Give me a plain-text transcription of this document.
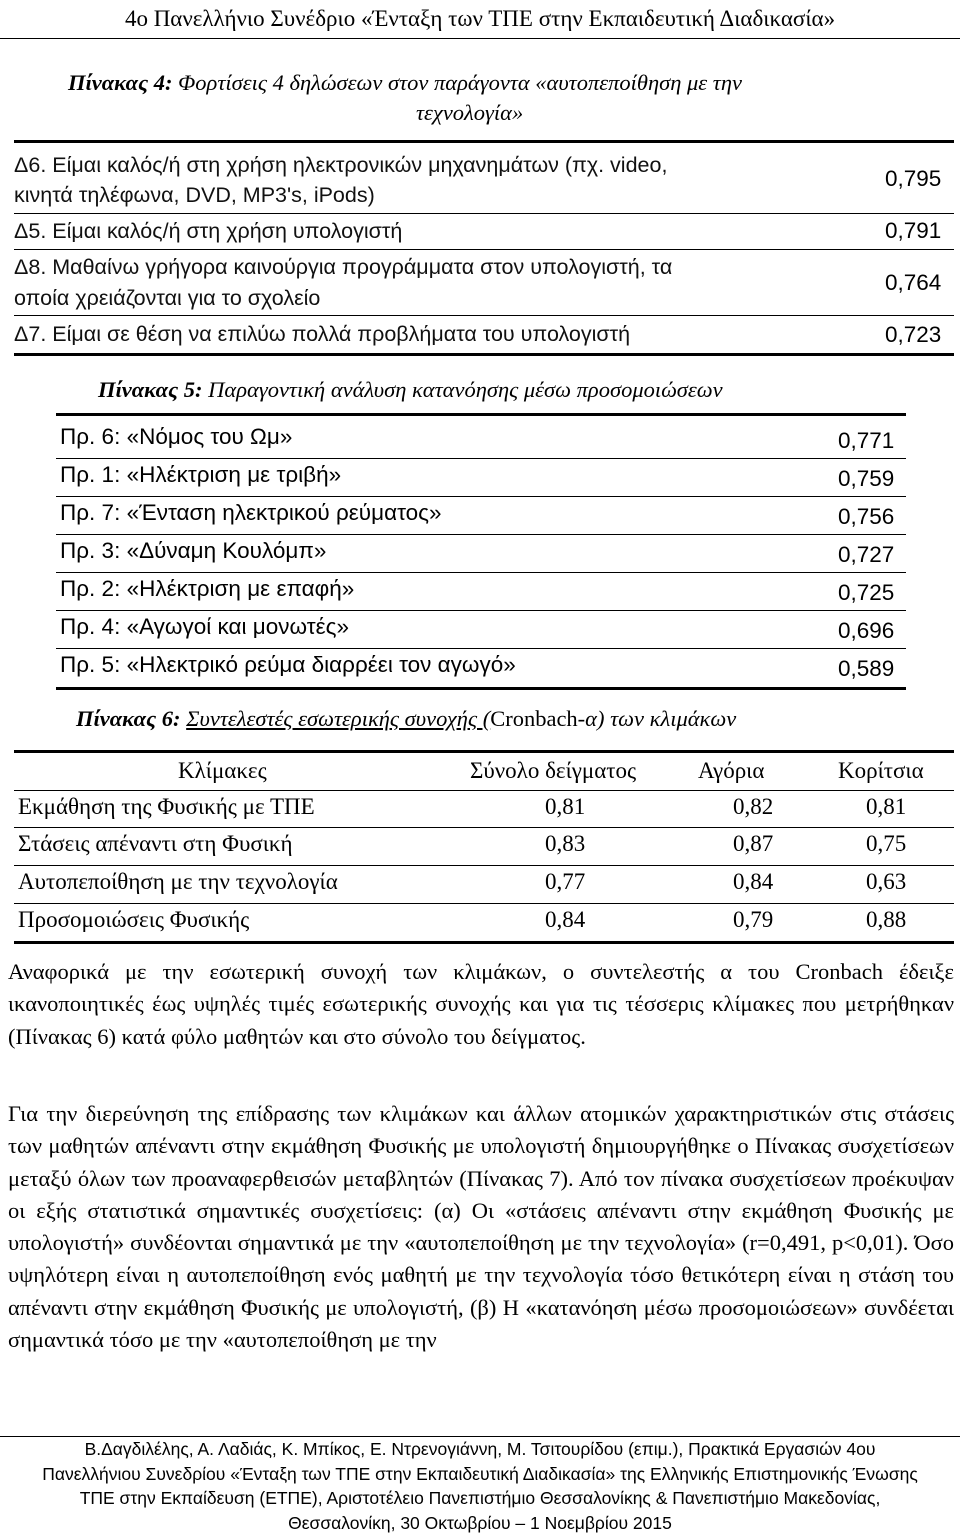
4ο Πανελλήνιο Συνέδριο «Ένταξη των ΤΠΕ στην Εκπαιδευτική Διαδικασία»
Πίνακας 4: Φορτίσεις 4 δηλώσεων στον παράγοντα «αυτοπεποίθηση με την
τεχνολογία»
Δ6. Είμαι καλός/ή στη χρήση ηλεκτρονικών μηχανημάτων (πχ. video,
κινητά τηλέφωνα, DVD, MP3's, iPods)
0,795
Δ5. Είμαι καλός/ή στη χρήση υπολογιστή	0,791
Δ8. Μαθαίνω γρήγορα καινούργια προγράμματα στον υπολογιστή, τα
οποία χρειάζονται για το σχολείο
0,764
Δ7. Είμαι σε θέση να επιλύω πολλά προβλήματα του υπολογιστή	0,723
Πίνακας 5: Παραγοντική ανάλυση κατανόησης μέσω προσομοιώσεων
Πρ. 6: «Νόμος του Ωμ»	0,771
Πρ. 1: «Ηλέκτριση με τριβή»	0,759
Πρ. 7: «Ένταση ηλεκτρικού ρεύματος»	0,756
Πρ. 3: «Δύναμη Κουλόμπ»	0,727
Πρ. 2: «Ηλέκτριση με επαφή»	0,725
Πρ. 4: «Αγωγοί και μονωτές»	0,696
Πρ. 5: «Ηλεκτρικό ρεύμα διαρρέει τον αγωγό»	0,589
Πίνακας 6: Συντελεστές εσωτερικής συνοχής (Cronbach-α) των κλιμάκων
Κλίμακες	Σύνολο δείγματος	Αγόρια	Κορίτσια
Εκμάθηση της Φυσικής με ΤΠΕ	0,81	0,82	0,81
Στάσεις απέναντι στη Φυσική	0,83	0,87	0,75
Αυτοπεποίθηση με την τεχνολογία	0,77	0,84	0,63
Προσομοιώσεις Φυσικής	0,84	0,79	0,88
Αναφορικά με την εσωτερική συνοχή των κλιμάκων, ο συντελεστής α του Cronbach έδειξε ικανοποιητικές έως υψηλές τιμές εσωτερικής συνοχής και για τις τέσσερις κλίμακες που μετρήθηκαν (Πίνακας 6) κατά φύλο μαθητών και στο σύνολο του δείγματος.
Για την διερεύνηση της επίδρασης των κλιμάκων και άλλων ατομικών χαρακτηριστικών στις στάσεις των μαθητών απέναντι στην εκμάθηση Φυσικής με υπολογιστή δημιουργήθηκε ο Πίνακας συσχετίσεων μεταξύ όλων των προαναφερθεισών μεταβλητών (Πίνακας 7). Από τον πίνακα συσχετίσεων προέκυψαν οι εξής στατιστικά σημαντικές συσχετίσεις: (α) Οι «στάσεις απέναντι στην εκμάθηση Φυσικής με υπολογιστή» συνδέονται σημαντικά με την «αυτοπεποίθηση με την τεχνολογία» (r=0,491, p<0,01). Όσο υψηλότερη είναι η αυτοπεποίθηση ενός μαθητή με την τεχνολογία τόσο θετικότερη είναι η στάση του απέναντι στην εκμάθηση Φυσικής με υπολογιστή, (β) Η «κατανόηση μέσω προσομοιώσεων» συνδέεται σημαντικά τόσο με την «αυτοπεποίθηση με την
Β.Δαγδιλέλης, Α. Λαδιάς, Κ. Μπίκος, Ε. Ντρενογιάννη, Μ. Τσιτουρίδου (επιμ.), Πρακτικά Εργασιών 4ου
Πανελλήνιου Συνεδρίου «Ένταξη των ΤΠΕ στην Εκπαιδευτική Διαδικασία» της Ελληνικής Επιστημονικής Ένωσης
ΤΠΕ στην Εκπαίδευση (ΕΤΠΕ), Αριστοτέλειο Πανεπιστήμιο Θεσσαλονίκης & Πανεπιστήμιο Μακεδονίας,
Θεσσαλονίκη, 30 Οκτωβρίου – 1 Νοεμβρίου 2015
